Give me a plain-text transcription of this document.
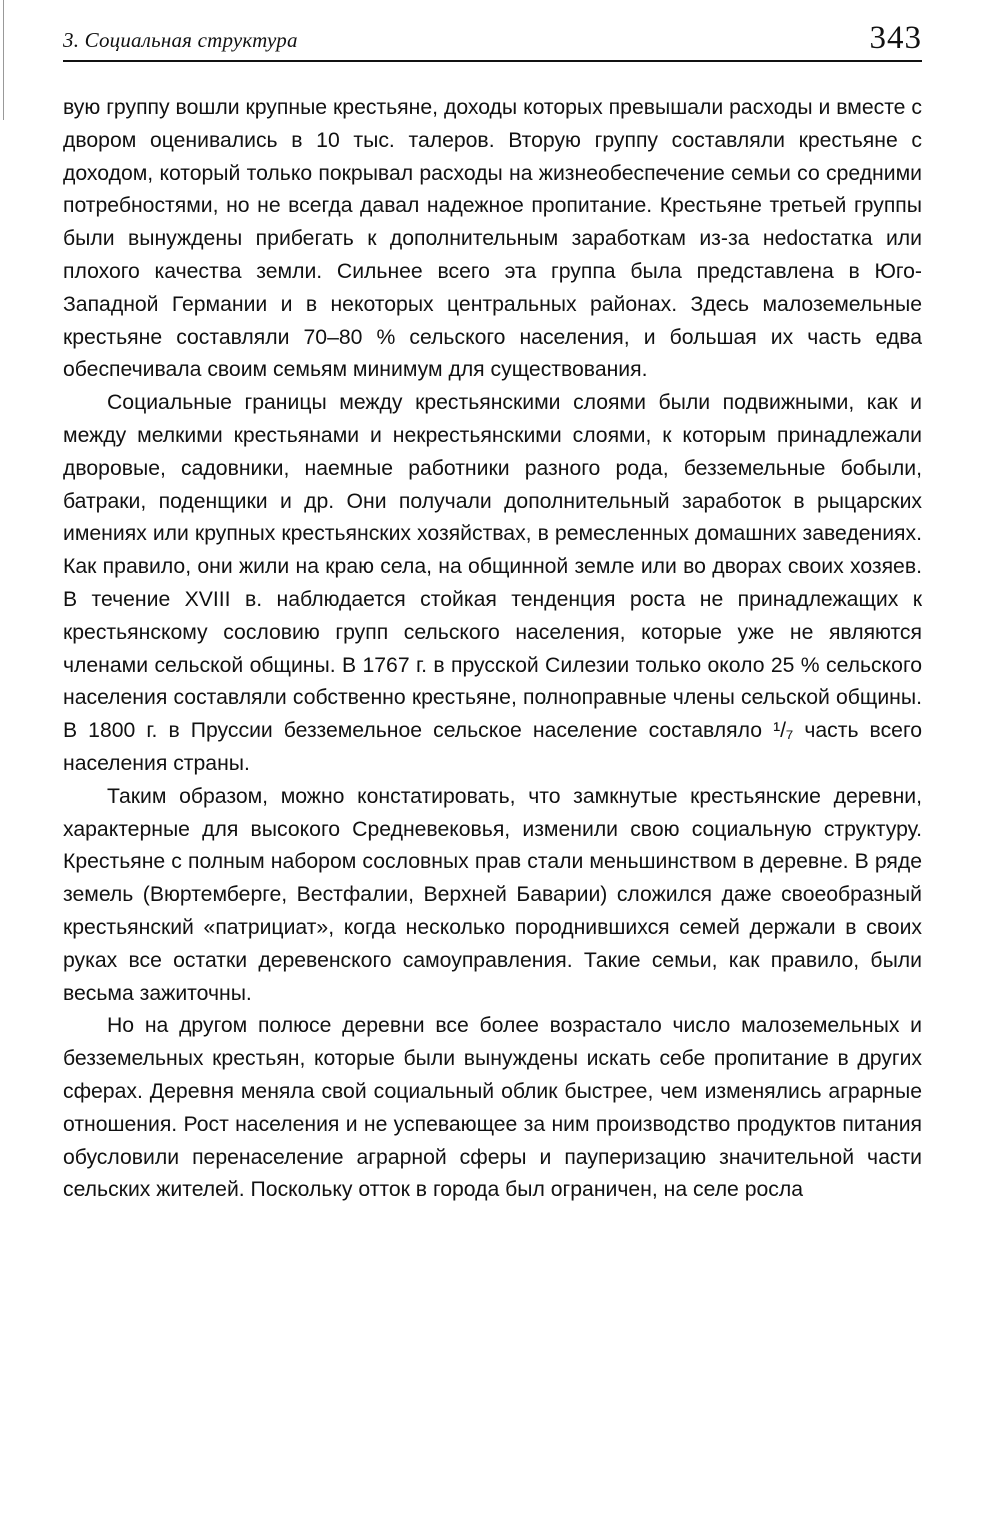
3. Социальная структура	343

вую группу вошли крупные крестьяне, доходы которых превышали расходы и вместе с двором оценивались в 10 тыс. талеров. Вторую группу составляли крестьяне с доходом, который только покрывал расходы на жизнеобеспечение семьи со средними потребностями, но не всегда давал надежное пропитание. Крестьяне третьей группы были вынуждены прибегать к дополнительным заработкам из-за неdостатка или плохого качества земли. Сильнее всего эта группа была представлена в Юго-Западной Германии и в некоторых центральных районах. Здесь малоземельные крестьяне составляли 70–80 % сельского населения, и большая их часть едва обеспечивала своим семьям минимум для существования.

Социальные границы между крестьянскими слоями были подвижными, как и между мелкими крестьянами и некрестьянскими слоями, к которым принадлежали дворовые, садовники, наемные работники разного рода, безземельные бобыли, батраки, поденщики и др. Они получали дополнительный заработок в рыцарских имениях или крупных крестьянских хозяйствах, в ремесленных домашних заведениях. Как правило, они жили на краю села, на общинной земле или во дворах своих хозяев. В течение XVIII в. наблюдается стойкая тенденция роста не принадлежащих к крестьянскому сословию групп сельского населения, которые уже не являются членами сельской общины. В 1767 г. в прусской Силезии только около 25 % сельского населения составляли собственно крестьяне, полноправные члены сельской общины. В 1800 г. в Пруссии безземельное сельское население составляло ¹/₇ часть всего населения страны.

Таким образом, можно констатировать, что замкнутые крестьянские деревни, характерные для высокого Средневековья, изменили свою социальную структуру. Крестьяне с полным набором сословных прав стали меньшинством в деревне. В ряде земель (Вюртемберге, Вестфалии, Верхней Баварии) сложился даже своеобразный крестьянский «патрициат», когда несколько породнившихся семей держали в своих руках все остатки деревенского самоуправления. Такие семьи, как правило, были весьма зажиточны.

Но на другом полюсе деревни все более возрастало число малоземельных и безземельных крестьян, которые были вынуждены искать себе пропитание в других сферах. Деревня меняла свой социальный облик быстрее, чем изменялись аграрные отношения. Рост населения и не успевающее за ним производство продуктов питания обусловили перенаселение аграрной сферы и пауперизацию значительной части сельских жителей. Поскольку отток в города был ограничен, на селе росла
